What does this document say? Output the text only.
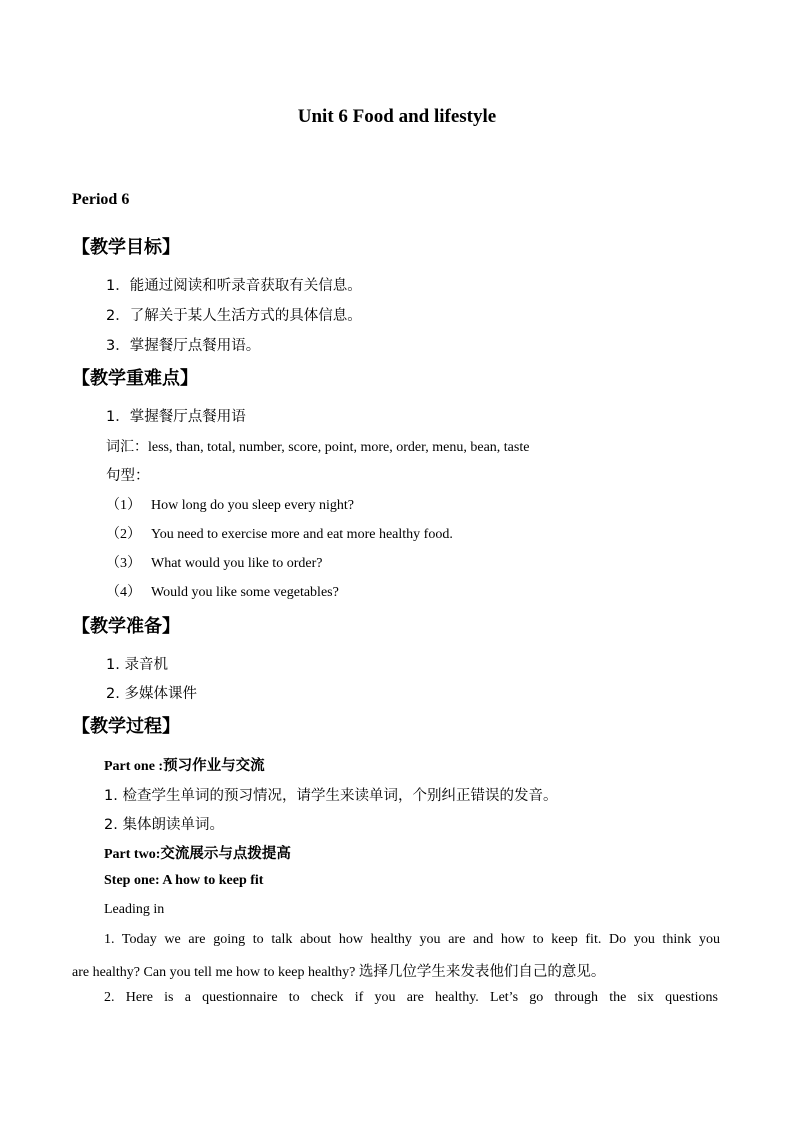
Unit 6 Food and lifestyle
Period 6
【教学目标】
1．能通过阅读和听录音获取有关信息。
2．了解关于某人生活方式的具体信息。
3．掌握餐厅点餐用语。
【教学重难点】
1．掌握餐厅点餐用语
词汇：less, than, total, number, score, point, more, order, menu, bean, taste
句型：
（1） How long do you sleep every night?
（2） You need to exercise more and eat more healthy food.
（3） What would you like to order?
（4） Would you like some vegetables?
【教学准备】
1. 录音机
2. 多媒体课件
【教学过程】
Part one :预习作业与交流
1. 检查学生单词的预习情况，请学生来读单词，个别纠正错误的发音。
2. 集体朗读单词。
Part two:交流展示与点拨提高
Step one: A how to keep fit
Leading in
1. Today we are going to talk about how healthy you are and how to keep fit. Do you think you
are healthy? Can you tell me how to keep healthy? 选择几位学生来发表他们自己的意见。
2. Here is a questionnaire to check if you are healthy. Let’s go through the six questions
